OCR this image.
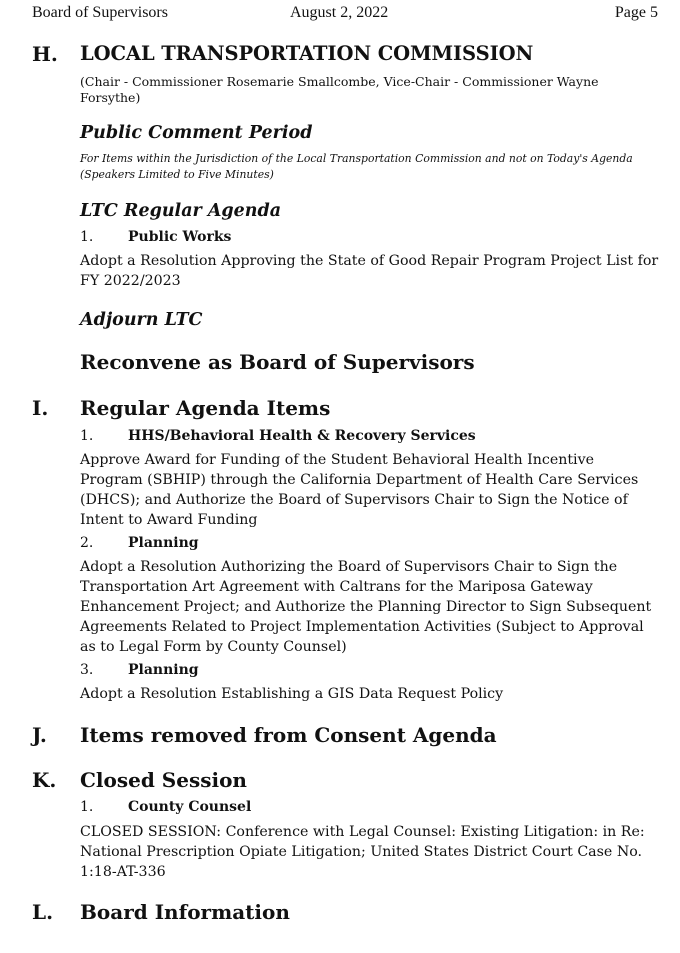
Board of Supervisors	August 2, 2022	Page 5
H. LOCAL TRANSPORTATION COMMISSION
(Chair - Commissioner Rosemarie Smallcombe, Vice-Chair - Commissioner Wayne Forsythe)
Public Comment Period
For Items within the Jurisdiction of the Local Transportation Commission and not on Today's Agenda (Speakers Limited to Five Minutes)
LTC Regular Agenda
1. Public Works
Adopt a Resolution Approving the State of Good Repair Program Project List for FY 2022/2023
Adjourn LTC
Reconvene as Board of Supervisors
I. Regular Agenda Items
1. HHS/Behavioral Health & Recovery Services
Approve Award for Funding of the Student Behavioral Health Incentive Program (SBHIP) through the California Department of Health Care Services (DHCS); and Authorize the Board of Supervisors Chair to Sign the Notice of Intent to Award Funding
2. Planning
Adopt a Resolution Authorizing the Board of Supervisors Chair to Sign the Transportation Art Agreement with Caltrans for the Mariposa Gateway Enhancement Project; and Authorize the Planning Director to Sign Subsequent Agreements Related to Project Implementation Activities (Subject to Approval as to Legal Form by County Counsel)
3. Planning
Adopt a Resolution Establishing a GIS Data Request Policy
J. Items removed from Consent Agenda
K. Closed Session
1. County Counsel
CLOSED SESSION: Conference with Legal Counsel: Existing Litigation: in Re: National Prescription Opiate Litigation; United States District Court Case No. 1:18-AT-336
L. Board Information
